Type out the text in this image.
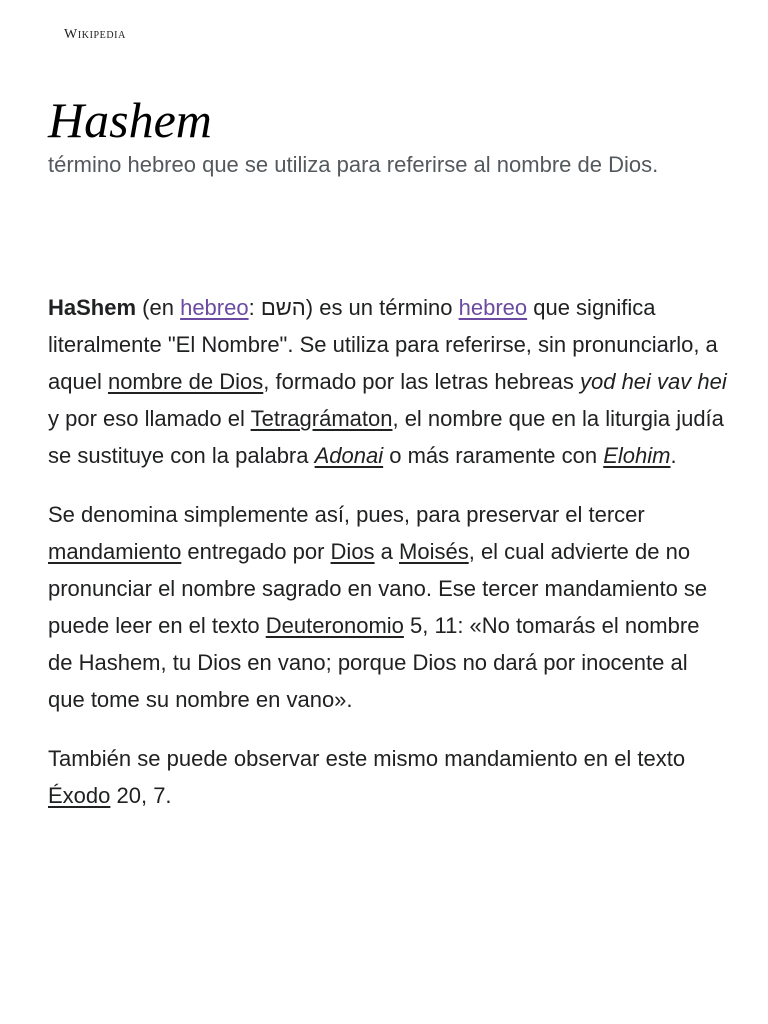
Wikipedia
Hashem

término hebreo que se utiliza para referirse al nombre de Dios.

HaShem (en hebreo: השם) es un término hebreo que significa literalmente "El Nombre". Se utiliza para referirse, sin pronunciarlo, a aquel nombre de Dios, formado por las letras hebreas yod hei vav hei y por eso llamado el Tetragrámaton, el nombre que en la liturgia judía se sustituye con la palabra Adonai o más raramente con Elohim.

Se denomina simplemente así, pues, para preservar el tercer mandamiento entregado por Dios a Moisés, el cual advierte de no pronunciar el nombre sagrado en vano. Ese tercer mandamiento se puede leer en el texto Deuteronomio 5, 11: «No tomarás el nombre de Hashem, tu Dios en vano; porque Dios no dará por inocente al que tome su nombre en vano».

También se puede observar este mismo mandamiento en el texto Éxodo 20, 7.
